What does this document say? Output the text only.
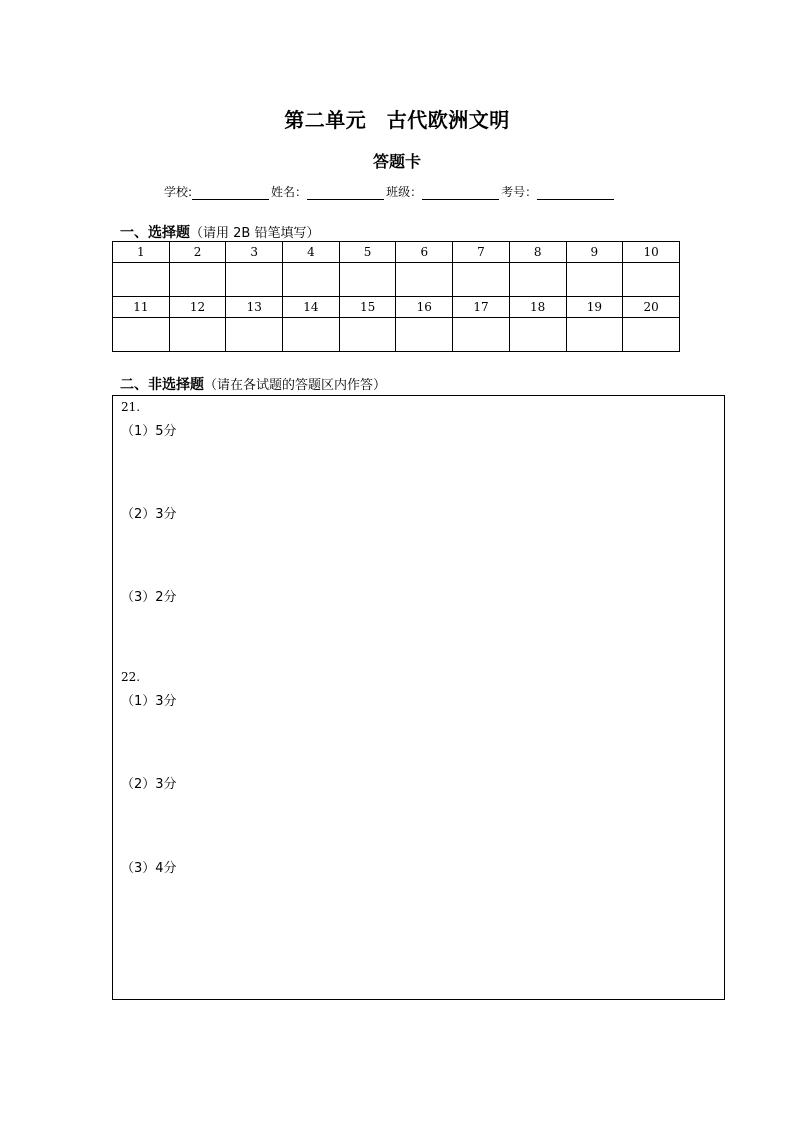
第二单元　古代欧洲文明
答题卡
学校:	姓名：	班级：	考号：
一、选择题（请用 2B 铅笔填写）
1	2	3	4	5	6	7	8	9	10

11	12	13	14	15	16	17	18	19	20

二、非选择题（请在各试题的答题区内作答）
21.
（1）5分
（2）3分
（3）2分
22.
（1）3分
（2）3分
（3）4分
